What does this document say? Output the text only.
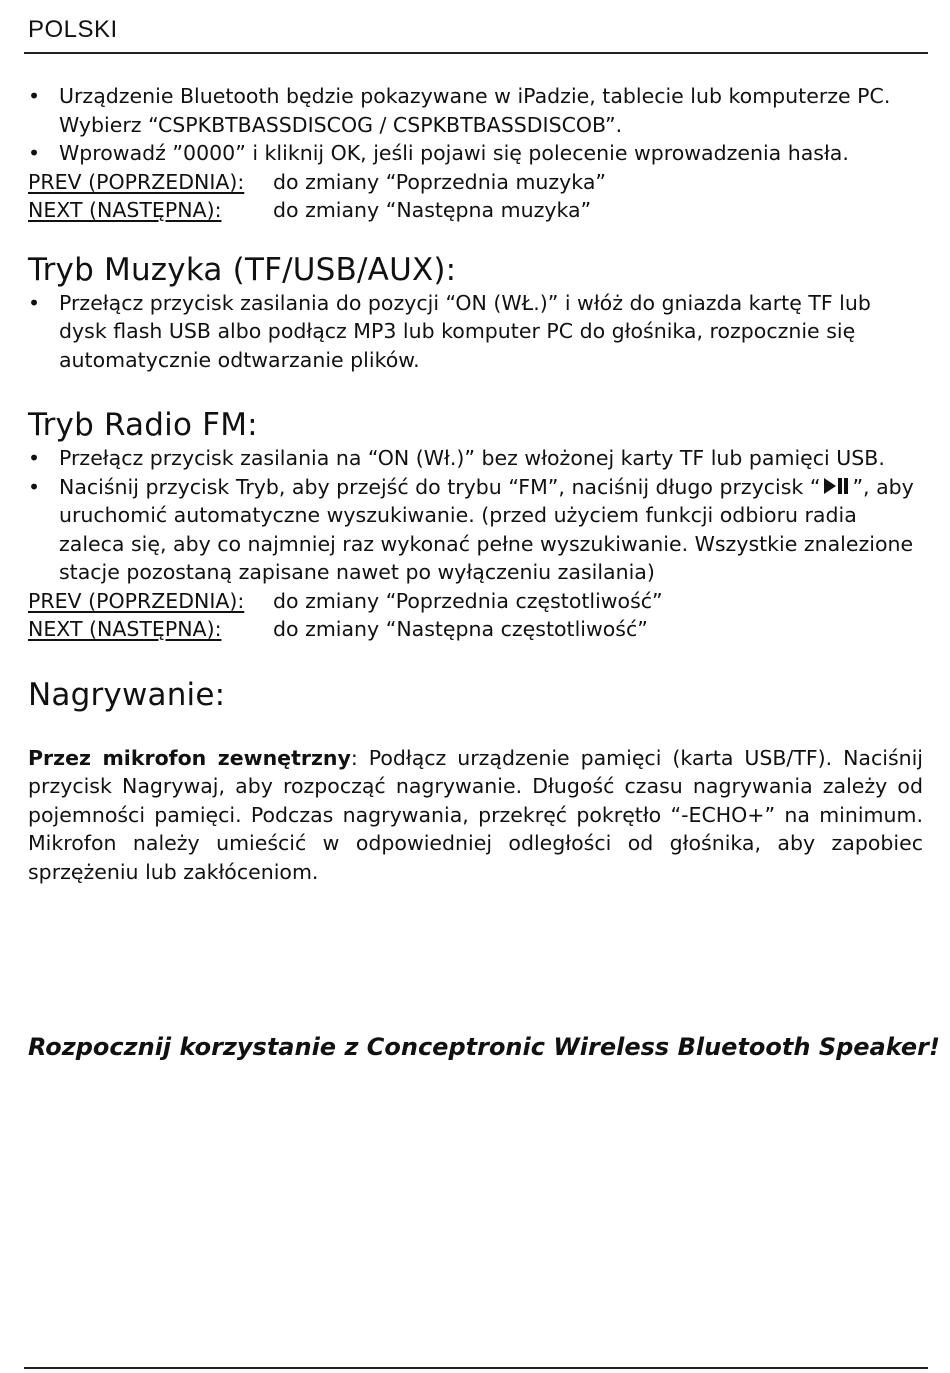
POLSKI
• Urządzenie Bluetooth będzie pokazywane w iPadzie, tablecie lub komputerze PC. Wybierz “CSPKBTBASSDISCOG / CSPKBTBASSDISCOB”.
• Wprowadź ”0000” i kliknij OK, jeśli pojawi się polecenie wprowadzenia hasła.
PREV (POPRZEDNIA):	do zmiany “Poprzednia muzyka”
NEXT (NASTĘPNA):	do zmiany “Następna muzyka”
Tryb Muzyka (TF/USB/AUX):
• Przełącz przycisk zasilania do pozycji “ON (WŁ.)” i włóż do gniazda kartę TF lub dysk flash USB albo podłącz MP3 lub komputer PC do głośnika, rozpocznie się automatycznie odtwarzanie plików.
Tryb Radio FM:
• Przełącz przycisk zasilania na “ON (Wł.)” bez włożonej karty TF lub pamięci USB.
• Naciśnij przycisk Tryb, aby przejść do trybu “FM”, naciśnij długo przycisk “ ”, aby uruchomić automatyczne wyszukiwanie. (przed użyciem funkcji odbioru radia zaleca się, aby co najmniej raz wykonać pełne wyszukiwanie. Wszystkie znalezione stacje pozostaną zapisane nawet po wyłączeniu zasilania)
PREV (POPRZEDNIA):	do zmiany “Poprzednia częstotliwość”
NEXT (NASTĘPNA):	do zmiany “Następna częstotliwość”
Nagrywanie:
Przez mikrofon zewnętrzny: Podłącz urządzenie pamięci (karta USB/TF). Naciśnij przycisk Nagrywaj, aby rozpocząć nagrywanie. Długość czasu nagrywania zależy od pojemności pamięci. Podczas nagrywania, przekręć pokrętło “-ECHO+” na minimum. Mikrofon należy umieścić w odpowiedniej odległości od głośnika, aby zapobiec sprzężeniu lub zakłóceniom.
Rozpocznij korzystanie z Conceptronic Wireless Bluetooth Speaker!
